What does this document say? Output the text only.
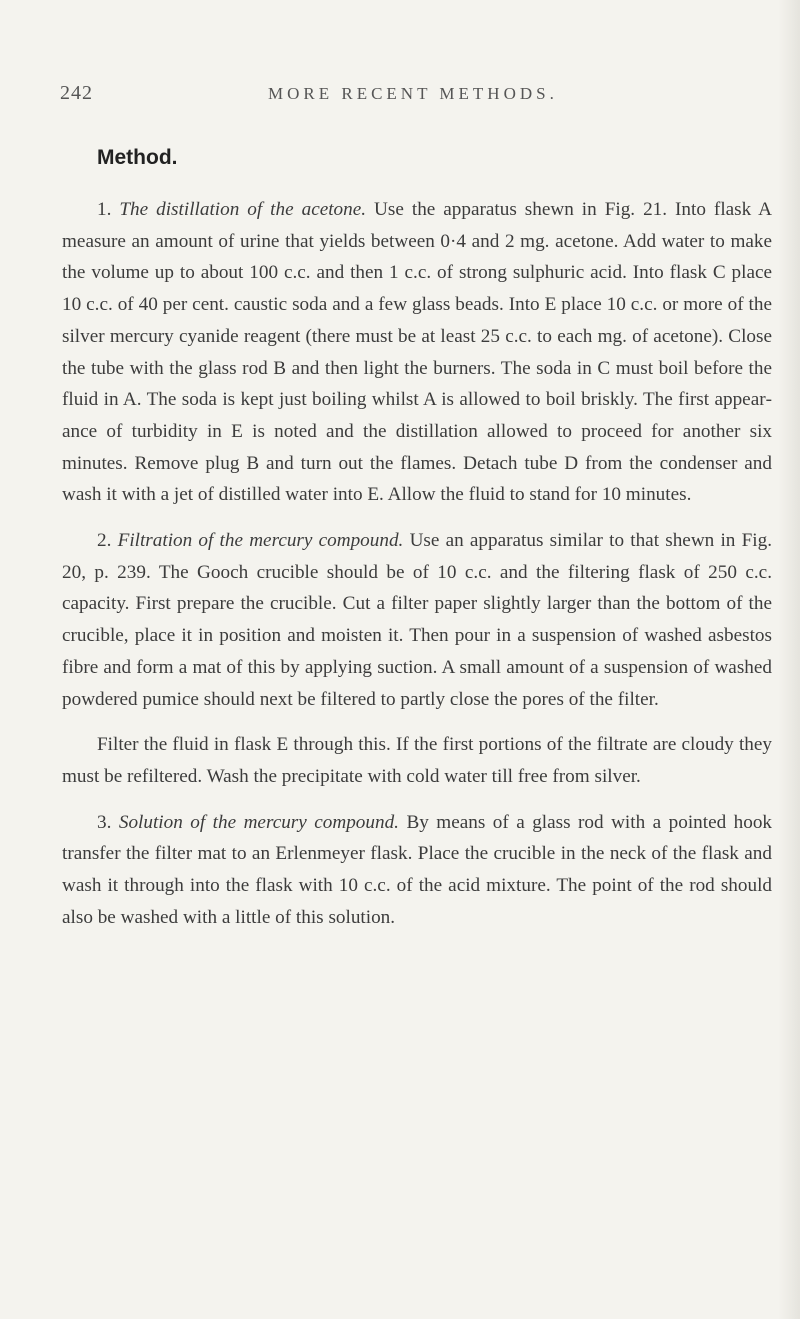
242	MORE RECENT METHODS.
Method.

1. The distillation of the acetone. Use the apparatus shewn in Fig. 21. Into flask A measure an amount of urine that yields between 0·4 and 2 mg. acetone. Add water to make the volume up to about 100 c.c. and then 1 c.c. of strong sulphuric acid. Into flask C place 10 c.c. of 40 per cent. caustic soda and a few glass beads. Into E place 10 c.c. or more of the silver mercury cyanide reagent (there must be at least 25 c.c. to each mg. of acetone). Close the tube with the glass rod B and then light the burners. The soda in C must boil before the fluid in A. The soda is kept just boiling whilst A is allowed to boil briskly. The first appearance of turbidity in E is noted and the distillation allowed to proceed for another six minutes. Remove plug B and turn out the flames. Detach tube D from the condenser and wash it with a jet of distilled water into E. Allow the fluid to stand for 10 minutes.

2. Filtration of the mercury compound. Use an apparatus similar to that shewn in Fig. 20, p. 239. The Gooch crucible should be of 10 c.c. and the filtering flask of 250 c.c. capacity. First prepare the crucible. Cut a filter paper slightly larger than the bottom of the crucible, place it in position and moisten it. Then pour in a suspension of washed asbestos fibre and form a mat of this by applying suction. A small amount of a suspension of washed powdered pumice should next be filtered to partly close the pores of the filter.

Filter the fluid in flask E through this. If the first portions of the filtrate are cloudy they must be refiltered. Wash the precipitate with cold water till free from silver.

3. Solution of the mercury compound. By means of a glass rod with a pointed hook transfer the filter mat to an Erlenmeyer flask. Place the crucible in the neck of the flask and wash it through into the flask with 10 c.c. of the acid mixture. The point of the rod should also be washed with a little of this solution.
